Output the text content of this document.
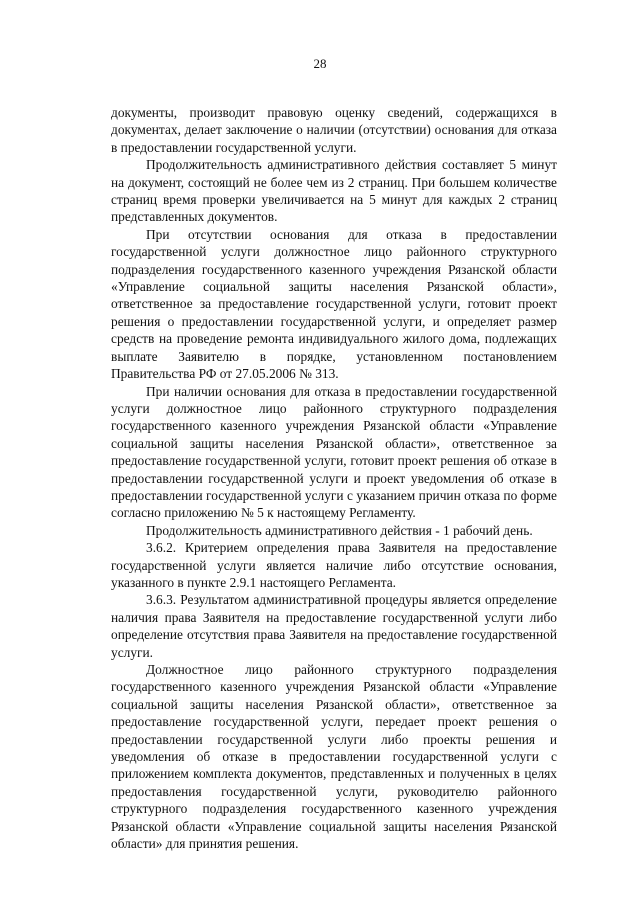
28

документы, производит правовую оценку сведений, содержащихся в документах, делает заключение о наличии (отсутствии) основания для отказа в предоставлении государственной услуги.

Продолжительность административного действия составляет 5 минут на документ, состоящий не более чем из 2 страниц. При большем количестве страниц время проверки увеличивается на 5 минут для каждых 2 страниц представленных документов.

При отсутствии основания для отказа в предоставлении государственной услуги должностное лицо районного структурного подразделения государственного казенного учреждения Рязанской области «Управление социальной защиты населения Рязанской области», ответственное за предоставление государственной услуги, готовит проект решения о предоставлении государственной услуги, и определяет размер средств на проведение ремонта индивидуального жилого дома, подлежащих выплате Заявителю в порядке, установленном постановлением Правительства РФ от 27.05.2006 № 313.

При наличии основания для отказа в предоставлении государственной услуги должностное лицо районного структурного подразделения государственного казенного учреждения Рязанской области «Управление социальной защиты населения Рязанской области», ответственное за предоставление государственной услуги, готовит проект решения об отказе в предоставлении государственной услуги и проект уведомления об отказе в предоставлении государственной услуги с указанием причин отказа по форме согласно приложению № 5 к настоящему Регламенту.

Продолжительность административного действия - 1 рабочий день.

3.6.2. Критерием определения права Заявителя на предоставление государственной услуги является наличие либо отсутствие основания, указанного в пункте 2.9.1 настоящего Регламента.

3.6.3. Результатом административной процедуры является определение наличия права Заявителя на предоставление государственной услуги либо определение отсутствия права Заявителя на предоставление государственной услуги.

Должностное лицо районного структурного подразделения государственного казенного учреждения Рязанской области «Управление социальной защиты населения Рязанской области», ответственное за предоставление государственной услуги, передает проект решения о предоставлении государственной услуги либо проекты решения и уведомления об отказе в предоставлении государственной услуги с приложением комплекта документов, представленных и полученных в целях предоставления государственной услуги, руководителю районного структурного подразделения государственного казенного учреждения Рязанской области «Управление социальной защиты населения Рязанской области» для принятия решения.
